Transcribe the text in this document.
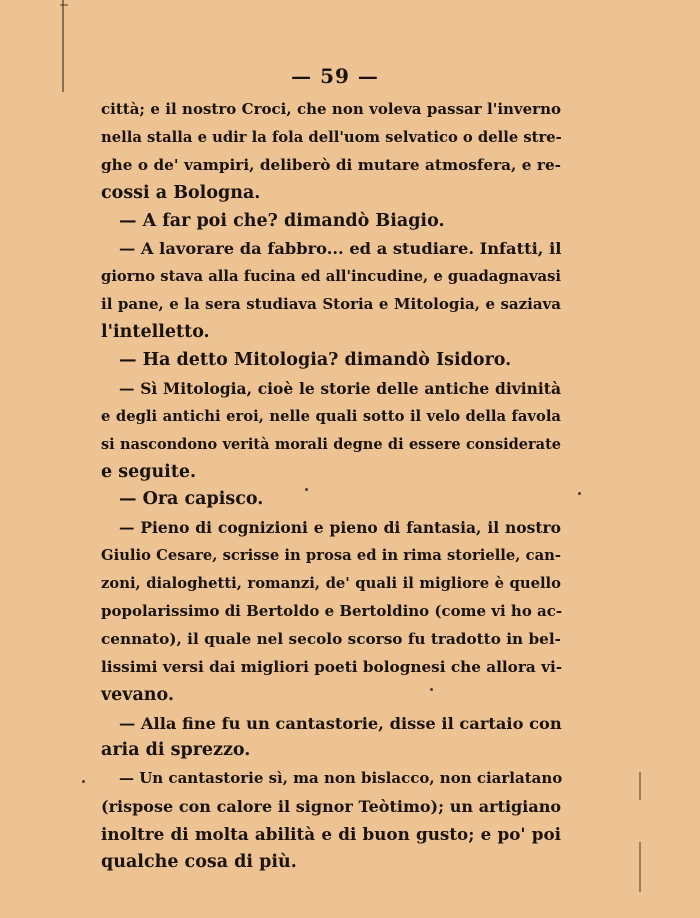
— 59 —
città; e il nostro Croci, che non voleva passar l'inverno
nella stalla e udir la fola dell'uom selvatico o delle stre-
ghe o de' vampiri, deliberò di mutare atmosfera, e re-
cossi a Bologna.
— A far poi che? dimandò Biagio.
— A lavorare da fabbro... ed a studiare. Infatti, il
giorno stava alla fucina ed all'incudine, e guadagnavasi
il pane, e la sera studiava Storia e Mitologia, e saziava
l'intelletto.
— Ha detto Mitologia? dimandò Isidoro.
— Sì Mitologia, cioè le storie delle antiche divinità
e degli antichi eroi, nelle quali sotto il velo della favola
si nascondono verità morali degne di essere considerate
e seguite.
— Ora capisco.
— Pieno di cognizioni e pieno di fantasia, il nostro
Giulio Cesare, scrisse in prosa ed in rima storielle, can-
zoni, dialoghetti, romanzi, de' quali il migliore è quello
popolarissimo di Bertoldo e Bertoldino (come vi ho ac-
cennato), il quale nel secolo scorso fu tradotto in bel-
lissimi versi dai migliori poeti bolognesi che allora vi-
vevano.
— Alla fine fu un cantastorie, disse il cartaio con
aria di sprezzo.
— Un cantastorie sì, ma non bislacco, non ciarlatano
(rispose con calore il signor Teòtimo); un artigiano
inoltre di molta abilità e di buon gusto; e po' poi
qualche cosa di più.
